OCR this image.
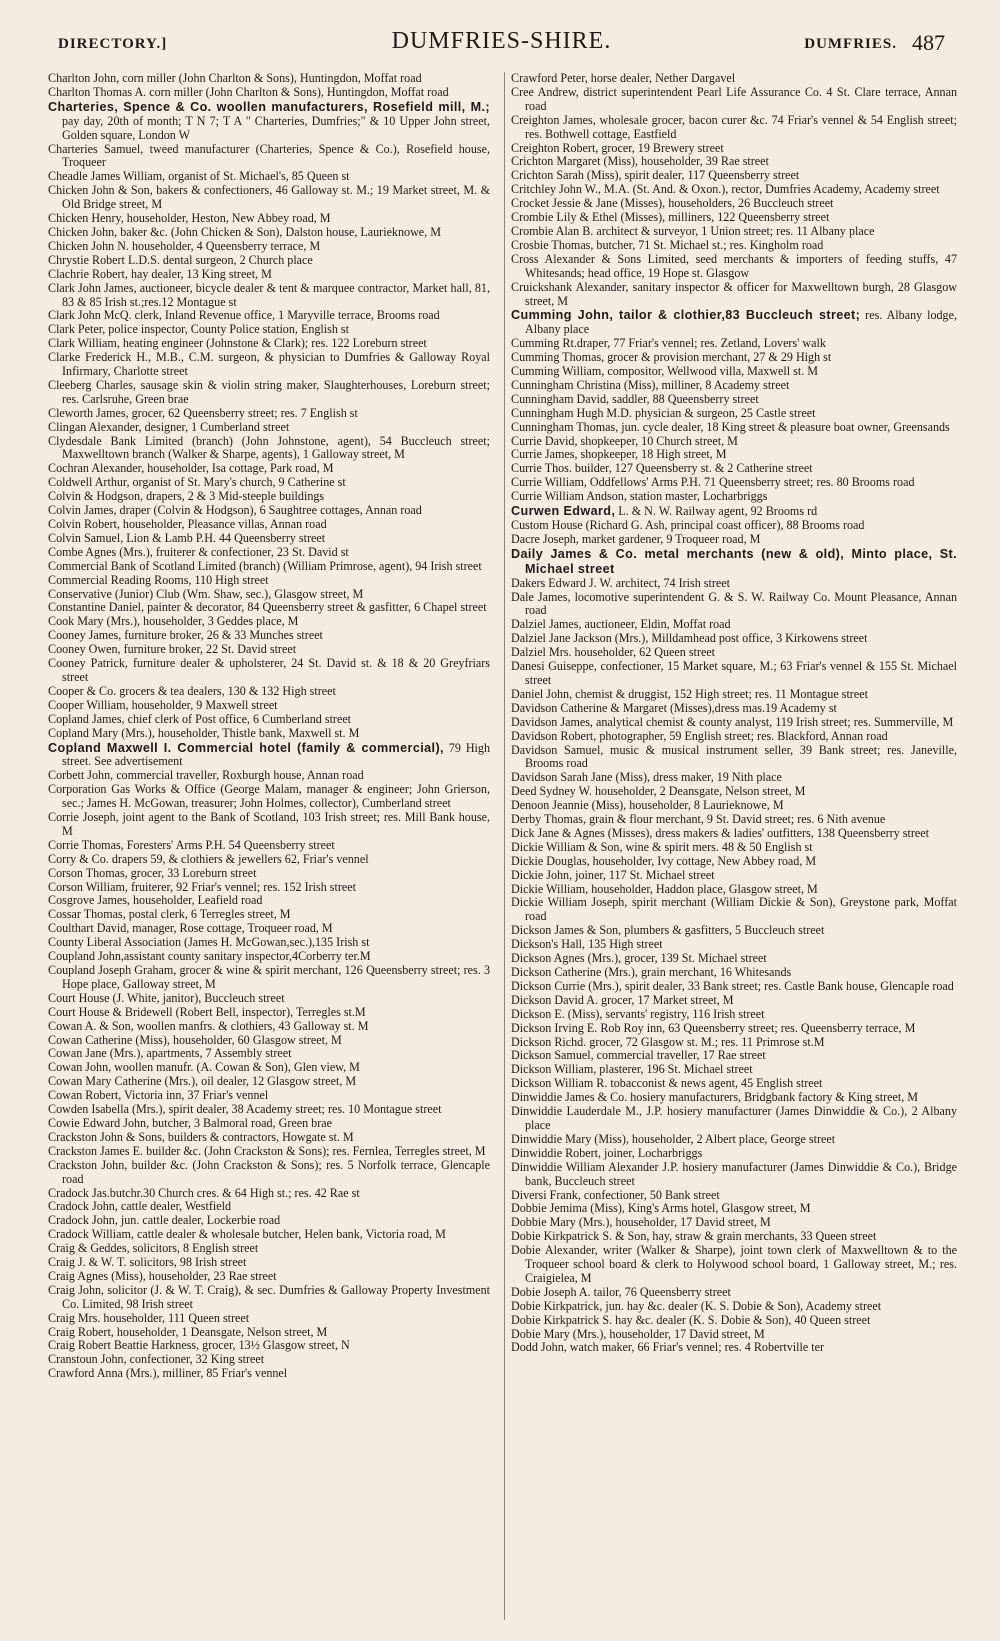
DIRECTORY.]	DUMFRIES-SHIRE.	DUMFRIES. 487

Charlton John, corn miller (John Charlton & Sons), Huntingdon, Moffat road

Charlton Thomas A. corn miller (John Charlton & Sons), Huntingdon, Moffat road

Charteries, Spence & Co. woollen manufacturers, Rosefield mill, M.; pay day, 20th of month; T N 7; T A " Charteries, Dumfries;" & 10 Upper John street, Golden square, London W

Charteries Samuel, tweed manufacturer (Charteries, Spence & Co.), Rosefield house, Troqueer

Cheadle James William, organist of St. Michael's, 85 Queen st

Chicken John & Son, bakers & confectioners, 46 Galloway st. M.; 19 Market street, M. & Old Bridge street, M

Chicken Henry, householder, Heston, New Abbey road, M

Chicken John, baker &c. (John Chicken & Son), Dalston house, Laurieknowe, M

Chicken John N. householder, 4 Queensberry terrace, M

Chrystie Robert L.D.S. dental surgeon, 2 Church place

Clachrie Robert, hay dealer, 13 King street, M

Clark John James, auctioneer, bicycle dealer & tent & marquee contractor, Market hall, 81, 83 & 85 Irish st.;res.12 Montague st

Clark John McQ. clerk, Inland Revenue office, 1 Maryville terrace, Brooms road

Clark Peter, police inspector, County Police station, English st

Clark William, heating engineer (Johnstone & Clark); res. 122 Loreburn street

Clarke Frederick H., M.B., C.M. surgeon, & physician to Dumfries & Galloway Royal Infirmary, Charlotte street

Cleeberg Charles, sausage skin & violin string maker, Slaughterhouses, Loreburn street; res. Carlsruhe, Green brae

Cleworth James, grocer, 62 Queensberry street; res. 7 English st

Clingan Alexander, designer, 1 Cumberland street

Clydesdale Bank Limited (branch) (John Johnstone, agent), 54 Buccleuch street; Maxwelltown branch (Walker & Sharpe, agents), 1 Galloway street, M

Cochran Alexander, householder, Isa cottage, Park road, M

Coldwell Arthur, organist of St. Mary's church, 9 Catherine st

Colvin & Hodgson, drapers, 2 & 3 Mid-steeple buildings

Colvin James, draper (Colvin & Hodgson), 6 Saughtree cottages, Annan road

Colvin Robert, householder, Pleasance villas, Annan road

Colvin Samuel, Lion & Lamb P.H. 44 Queensberry street

Combe Agnes (Mrs.), fruiterer & confectioner, 23 St. David st

Commercial Bank of Scotland Limited (branch) (William Primrose, agent), 94 Irish street

Commercial Reading Rooms, 110 High street

Conservative (Junior) Club (Wm. Shaw, sec.), Glasgow street, M

Constantine Daniel, painter & decorator, 84 Queensberry street & gasfitter, 6 Chapel street

Cook Mary (Mrs.), householder, 3 Geddes place, M

Cooney James, furniture broker, 26 & 33 Munches street

Cooney Owen, furniture broker, 22 St. David street

Cooney Patrick, furniture dealer & upholsterer, 24 St. David st. & 18 & 20 Greyfriars street

Cooper & Co. grocers & tea dealers, 130 & 132 High street

Cooper William, householder, 9 Maxwell street

Copland James, chief clerk of Post office, 6 Cumberland street

Copland Mary (Mrs.), householder, Thistle bank, Maxwell st. M

Copland Maxwell I. Commercial hotel (family & commercial), 79 High street. See advertisement

Corbett John, commercial traveller, Roxburgh house, Annan road

Corporation Gas Works & Office (George Malam, manager & engineer; John Grierson, sec.; James H. McGowan, treasurer; John Holmes, collector), Cumberland street

Corrie Joseph, joint agent to the Bank of Scotland, 103 Irish street; res. Mill Bank house, M

Corrie Thomas, Foresters' Arms P.H. 54 Queensberry street

Corry & Co. drapers 59, & clothiers & jewellers 62, Friar's vennel

Corson Thomas, grocer, 33 Loreburn street

Corson William, fruiterer, 92 Friar's vennel; res. 152 Irish street

Cosgrove James, householder, Leafield road

Cossar Thomas, postal clerk, 6 Terregles street, M

Coulthart David, manager, Rose cottage, Troqueer road, M

County Liberal Association (James H. McGowan,sec.),135 Irish st

Coupland John,assistant county sanitary inspector,4Corberry ter.M

Coupland Joseph Graham, grocer & wine & spirit merchant, 126 Queensberry street; res. 3 Hope place, Galloway street, M

Court House (J. White, janitor), Buccleuch street

Court House & Bridewell (Robert Bell, inspector), Terregles st.M

Cowan A. & Son, woollen manfrs. & clothiers, 43 Galloway st. M

Cowan Catherine (Miss), householder, 60 Glasgow street, M

Cowan Jane (Mrs.), apartments, 7 Assembly street

Cowan John, woollen manufr. (A. Cowan & Son), Glen view, M

Cowan Mary Catherine (Mrs.), oil dealer, 12 Glasgow street, M

Cowan Robert, Victoria inn, 37 Friar's vennel

Cowden Isabella (Mrs.), spirit dealer, 38 Academy street; res. 10 Montague street

Cowie Edward John, butcher, 3 Balmoral road, Green brae

Crackston John & Sons, builders & contractors, Howgate st. M

Crackston James E. builder &c. (John Crackston & Sons); res. Fernlea, Terregles street, M

Crackston John, builder &c. (John Crackston & Sons); res. 5 Norfolk terrace, Glencaple road

Cradock Jas.butchr.30 Church cres. & 64 High st.; res. 42 Rae st

Cradock John, cattle dealer, Westfield

Cradock John, jun. cattle dealer, Lockerbie road

Cradock William, cattle dealer & wholesale butcher, Helen bank, Victoria road, M

Craig & Geddes, solicitors, 8 English street

Craig J. & W. T. solicitors, 98 Irish street

Craig Agnes (Miss), householder, 23 Rae street

Craig John, solicitor (J. & W. T. Craig), & sec. Dumfries & Galloway Property Investment Co. Limited, 98 Irish street

Craig Mrs. householder, 111 Queen street

Craig Robert, householder, 1 Deansgate, Nelson street, M

Craig Robert Beattie Harkness, grocer, 13½ Glasgow street, N

Cranstoun John, confectioner, 32 King street

Crawford Anna (Mrs.), milliner, 85 Friar's vennel

Crawford Peter, horse dealer, Nether Dargavel

Cree Andrew, district superintendent Pearl Life Assurance Co. 4 St. Clare terrace, Annan road

Creighton James, wholesale grocer, bacon curer &c. 74 Friar's vennel & 54 English street; res. Bothwell cottage, Eastfield

Creighton Robert, grocer, 19 Brewery street

Crichton Margaret (Miss), householder, 39 Rae street

Crichton Sarah (Miss), spirit dealer, 117 Queensberry street

Critchley John W., M.A. (St. And. & Oxon.), rector, Dumfries Academy, Academy street

Crocket Jessie & Jane (Misses), householders, 26 Buccleuch street

Crombie Lily & Ethel (Misses), milliners, 122 Queensberry street

Crombie Alan B. architect & surveyor, 1 Union street; res. 11 Albany place

Crosbie Thomas, butcher, 71 St. Michael st.; res. Kingholm road

Cross Alexander & Sons Limited, seed merchants & importers of feeding stuffs, 47 Whitesands; head office, 19 Hope st. Glasgow

Cruickshank Alexander, sanitary inspector & officer for Maxwelltown burgh, 28 Glasgow street, M

Cumming John, tailor & clothier,83 Buccleuch street; res. Albany lodge, Albany place

Cumming Rt.draper, 77 Friar's vennel; res. Zetland, Lovers' walk

Cumming Thomas, grocer & provision merchant, 27 & 29 High st

Cumming William, compositor, Wellwood villa, Maxwell st. M

Cunningham Christina (Miss), milliner, 8 Academy street

Cunningham David, saddler, 88 Queensberry street

Cunningham Hugh M.D. physician & surgeon, 25 Castle street

Cunningham Thomas, jun. cycle dealer, 18 King street & pleasure boat owner, Greensands

Currie David, shopkeeper, 10 Church street, M

Currie James, shopkeeper, 18 High street, M

Currie Thos. builder, 127 Queensberry st. & 2 Catherine street

Currie William, Oddfellows' Arms P.H. 71 Queensberry street; res. 80 Brooms road

Currie William Andson, station master, Locharbriggs

Curwen Edward, L. & N. W. Railway agent, 92 Brooms rd

Custom House (Richard G. Ash, principal coast officer), 88 Brooms road

Dacre Joseph, market gardener, 9 Troqueer road, M

Daily James & Co. metal merchants (new & old), Minto place, St. Michael street

Dakers Edward J. W. architect, 74 Irish street

Dale James, locomotive superintendent G. & S. W. Railway Co. Mount Pleasance, Annan road

Dalziel James, auctioneer, Eldin, Moffat road

Dalziel Jane Jackson (Mrs.), Milldamhead post office, 3 Kirkowens street

Dalziel Mrs. householder, 62 Queen street

Danesi Guiseppe, confectioner, 15 Market square, M.; 63 Friar's vennel & 155 St. Michael street

Daniel John, chemist & druggist, 152 High street; res. 11 Montague street

Davidson Catherine & Margaret (Misses),dress mas.19 Academy st

Davidson James, analytical chemist & county analyst, 119 Irish street; res. Summerville, M

Davidson Robert, photographer, 59 English street; res. Blackford, Annan road

Davidson Samuel, music & musical instrument seller, 39 Bank street; res. Janeville, Brooms road

Davidson Sarah Jane (Miss), dress maker, 19 Nith place

Deed Sydney W. householder, 2 Deansgate, Nelson street, M

Denoon Jeannie (Miss), householder, 8 Laurieknowe, M

Derby Thomas, grain & flour merchant, 9 St. David street; res. 6 Nith avenue

Dick Jane & Agnes (Misses), dress makers & ladies' outfitters, 138 Queensberry street

Dickie William & Son, wine & spirit mers. 48 & 50 English st

Dickie Douglas, householder, Ivy cottage, New Abbey road, M

Dickie John, joiner, 117 St. Michael street

Dickie William, householder, Haddon place, Glasgow street, M

Dickie William Joseph, spirit merchant (William Dickie & Son), Greystone park, Moffat road

Dickson James & Son, plumbers & gasfitters, 5 Buccleuch street

Dickson's Hall, 135 High street

Dickson Agnes (Mrs.), grocer, 139 St. Michael street

Dickson Catherine (Mrs.), grain merchant, 16 Whitesands

Dickson Currie (Mrs.), spirit dealer, 33 Bank street; res. Castle Bank house, Glencaple road

Dickson David A. grocer, 17 Market street, M

Dickson E. (Miss), servants' registry, 116 Irish street

Dickson Irving E. Rob Roy inn, 63 Queensberry street; res. Queensberry terrace, M

Dickson Richd. grocer, 72 Glasgow st. M.; res. 11 Primrose st.M

Dickson Samuel, commercial traveller, 17 Rae street

Dickson William, plasterer, 196 St. Michael street

Dickson William R. tobacconist & news agent, 45 English street

Dinwiddie James & Co. hosiery manufacturers, Bridgbank factory & King street, M

Dinwiddie Lauderdale M., J.P. hosiery manufacturer (James Dinwiddie & Co.), 2 Albany place

Dinwiddie Mary (Miss), householder, 2 Albert place, George street

Dinwiddie Robert, joiner, Locharbriggs

Dinwiddie William Alexander J.P. hosiery manufacturer (James Dinwiddie & Co.), Bridge bank, Buccleuch street

Diversi Frank, confectioner, 50 Bank street

Dobbie Jemima (Miss), King's Arms hotel, Glasgow street, M

Dobbie Mary (Mrs.), householder, 17 David street, M

Dobie Kirkpatrick S. & Son, hay, straw & grain merchants, 33 Queen street

Dobie Alexander, writer (Walker & Sharpe), joint town clerk of Maxwelltown & to the Troqueer school board & clerk to Holywood school board, 1 Galloway street, M.; res. Craigielea, M

Dobie Joseph A. tailor, 76 Queensberry street

Dobie Kirkpatrick, jun. hay &c. dealer (K. S. Dobie & Son), Academy street

Dobie Kirkpatrick S. hay &c. dealer (K. S. Dobie & Son), 40 Queen street

Dobie Mary (Mrs.), householder, 17 David street, M

Dodd John, watch maker, 66 Friar's vennel; res. 4 Robertville ter
